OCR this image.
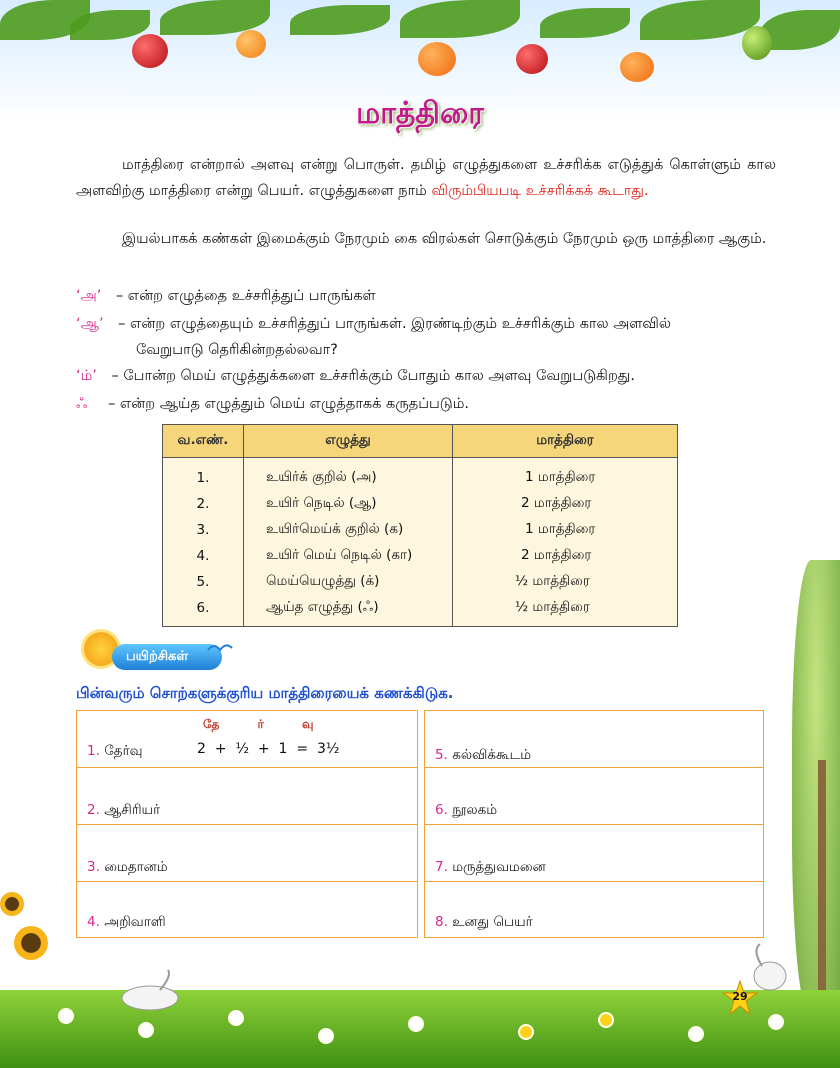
மாத்திரை
மாத்திரை என்றால் அளவு என்று பொருள். தமிழ் எழுத்துகளை உச்சரிக்க எடுத்துக் கொள்ளும் கால அளவிற்கு மாத்திரை என்று பெயர். எழுத்துகளை நாம் விரும்பியபடி உச்சரிக்கக் கூடாது.
இயல்பாகக் கண்கள் இமைக்கும் நேரமும் கை விரல்கள் சொடுக்கும் நேரமும் ஒரு மாத்திரை ஆகும்.
‘அ’ – என்ற எழுத்தை உச்சரித்துப் பாருங்கள்
‘ஆ’ – என்ற எழுத்தையும் உச்சரித்துப் பாருங்கள். இரண்டிற்கும் உச்சரிக்கும் கால அளவில்
வேறுபாடு தெரிகின்றதல்லவா?
‘ம்’ – போன்ற மெய் எழுத்துக்களை உச்சரிக்கும் போதும் கால அளவு வேறுபடுகிறது.
ஃ – என்ற ஆய்த எழுத்தும் மெய் எழுத்தாகக் கருதப்படும்.
வ.எண்.	எழுத்து	மாத்திரை
1.	உயிர்க் குறில் (அ)	1 மாத்திரை
2.	உயிர் நெடில் (ஆ)	2 மாத்திரை
3.	உயிர்மெய்க் குறில் (க)	1 மாத்திரை
4.	உயிர் மெய் நெடில் (கா)	2 மாத்திரை
5.	மெய்யெழுத்து (க்)	½ மாத்திரை
6.	ஆய்த எழுத்து (ஃ)	½ மாத்திரை
பயிற்சிகள்
பின்வரும் சொற்களுக்குரிய மாத்திரையைக் கணக்கிடுக.
தே	ர்	வு
1. தேர்வு	2  +  ½  +  1  =  3½
2. ஆசிரியர்
3. மைதானம்
4. அறிவாளி
5. கல்விக்கூடம்
6. நூலகம்
7. மருத்துவமனை
8. உனது பெயர்
29
